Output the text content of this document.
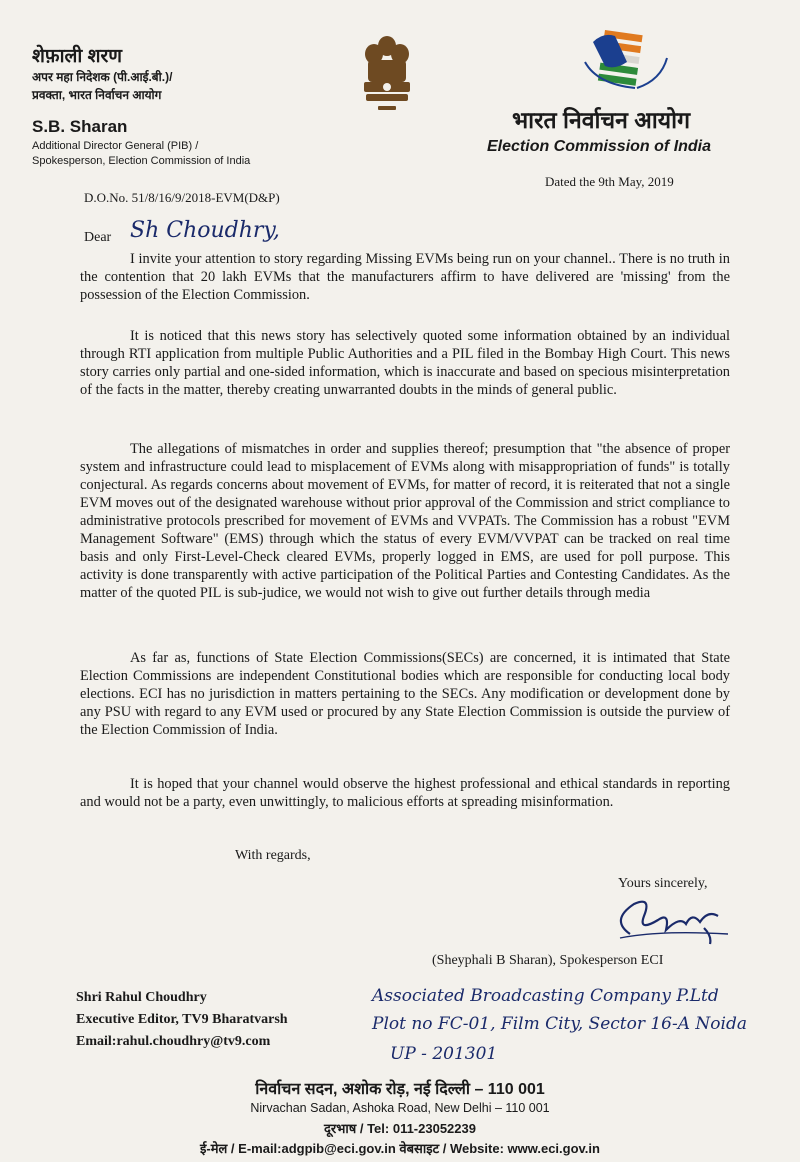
शेफ़ाली शरण
अपर महा निदेशक (पी.आई.बी.)/
प्रवक्ता, भारत निर्वाचन आयोग
S.B. Sharan
Additional Director General (PIB) /
Spokesperson, Election Commission of India
भारत निर्वाचन आयोग
Election Commission of India
D.O.No. 51/8/16/9/2018-EVM(D&P)
Dated the 9th May, 2019
Dear Sh Choudhry,

I invite your attention to story regarding Missing EVMs being run on your channel.. There is no truth in the contention that 20 lakh EVMs that the manufacturers affirm to have delivered are 'missing' from the possession of the Election Commission.

It is noticed that this news story has selectively quoted some information obtained by an individual through RTI application from multiple Public Authorities and a PIL filed in the Bombay High Court. This news story carries only partial and one-sided information, which is inaccurate and based on specious misinterpretation of the facts in the matter, thereby creating unwarranted doubts in the minds of general public.

The allegations of mismatches in order and supplies thereof; presumption that "the absence of proper system and infrastructure could lead to misplacement of EVMs along with misappropriation of funds" is totally conjectural. As regards concerns about movement of EVMs, for matter of record, it is reiterated that not a single EVM moves out of the designated warehouse without prior approval of the Commission and strict compliance to administrative protocols prescribed for movement of EVMs and VVPATs. The Commission has a robust "EVM Management Software" (EMS) through which the status of every EVM/VVPAT can be tracked on real time basis and only First-Level-Check cleared EVMs, properly logged in EMS, are used for poll purpose. This activity is done transparently with active participation of the Political Parties and Contesting Candidates. As the matter of the quoted PIL is sub-judice, we would not wish to give out further details through media

As far as, functions of State Election Commissions(SECs) are concerned, it is intimated that State Election Commissions are independent Constitutional bodies which are responsible for conducting local body elections. ECI has no jurisdiction in matters pertaining to the SECs. Any modification or development done by any PSU with regard to any EVM used or procured by any State Election Commission is outside the purview of the Election Commission of India.

It is hoped that your channel would observe the highest professional and ethical standards in reporting and would not be a party, even unwittingly, to malicious efforts at spreading misinformation.

With regards,
Yours sincerely,
(Sheyphali B Sharan), Spokesperson ECI
Shri Rahul Choudhry
Executive Editor, TV9 Bharatvarsh
Email:rahul.choudhry@tv9.com
Associated Broadcasting Company P.Ltd
Plot no FC-01, Film City, Sector 16-A Noida
UP - 201301
निर्वाचन सदन, अशोक रोड़, नई दिल्ली – 110 001
Nirvachan Sadan, Ashoka Road, New Delhi – 110 001
दूरभाष / Tel: 011-23052239
ई-मेल / E-mail:adgpib@eci.gov.in वेबसाइट / Website: www.eci.gov.in
